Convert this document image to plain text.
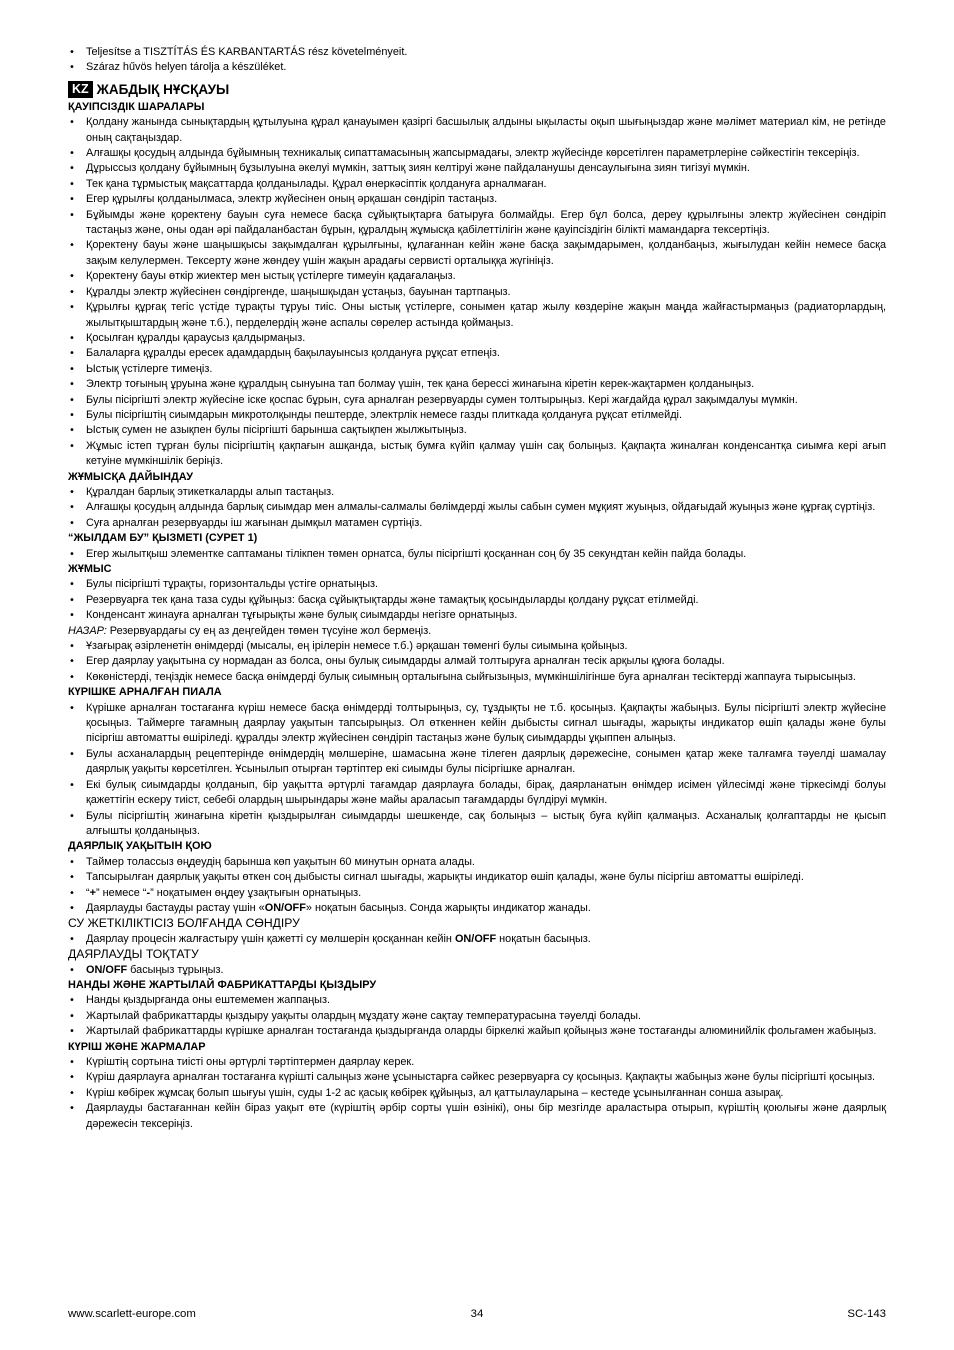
• Teljesítse a TISZTÍTÁS ÉS KARBANTARTÁS rész követelményeit.
• Száraz hűvös helyen tárolja a készüléket.
KZ ЖАБДЫҚ НҰСҚАУЫ
ҚАУІПСІЗДІК ШАРАЛАРЫ
• Қолдану жанында сынықтардың құтылуына құрал қанауымен қазіргі басшылық алдыны ықыласты оқып шығыңыздар және мәлімет материал кім, не ретінде оның сақтаңыздар.
• Алғашқы қосудың алдында бұйымның техникалық сипаттамасының жапсырмадағы, электр жүйесінде көрсетілген параметрлеріне сәйкестігін тексеріңіз.
• Дұрыссыз қолдану бұйымның бұзылуына әкелуі мүмкін, заттық зиян келтіруі және пайдаланушы денсаулығына зиян тигізуі мүмкін.
• Тек қана тұрмыстық мақсаттарда қолданылады. Құрал өнеркәсіптік қолдануға арналмаған.
• Егер құрылғы қолданылмаса, электр жүйесінен оның әрқашан сөндіріп тастаңыз.
• Бұйымды және қоректену бауын суға немесе басқа сұйықтықтарға батыруға болмайды. Егер бұл болса, дереу құрылғыны электр жүйесінен сөндіріп тастаңыз және, оны одан әрі пайдаланбастан бұрын, құралдың жұмысқа қабілеттілігін және қауіпсіздігін білікті мамандарға тексертіңіз.
• Қоректену бауы және шаңышқысы зақымдалған құрылғыны, құлағаннан кейін және басқа зақымдарымен, қолданбаңыз, жығылудан кейін немесе басқа зақым келулермен. Тексерту және жөндеу үшін жақын арадағы сервисті орталыққа жүгініңіз.
• Қоректену бауы өткір жиектер мен ыстық үстілерге тимеуін қадағалаңыз.
• Құралды электр жүйесінен сөндіргенде, шаңышқыдан ұстаңыз, бауынан тартпаңыз.
• Құрылғы құрғақ тегіс үстіде тұрақты тұруы тиіс. Оны ыстық үстілерге, сонымен қатар жылу көздеріне жақын маңда жайғастырмаңыз (радиаторлардың, жылытқыштардың және т.б.), перделердің және аспалы сөрелер астында қоймаңыз.
• Қосылған құралды қараусыз қалдырмаңыз.
• Балаларға құралды ересек адамдардың бақылауынсыз қолдануға рұқсат етпеңіз.
• Ыстық үстілерге тимеңіз.
• Электр тоғының ұруына және құралдың сынуына тап болмау үшін, тек қана берессі жинағына кіретін керек-жақтармен қолданыңыз.
• Булы пісіргішті электр жүйесіне іске қоспас бұрын, суға арналған резервуарды сумен толтырыңыз. Кері жағдайда құрал зақымдалуы мүмкін.
• Булы пісіргіштің сиымдарын микротолқынды пештерде, электрлік немесе газды плиткада қолдануға рұқсат етілмейді.
• Ыстық сумен не азықпен булы пісіргішті барынша сақтықпен жылжытыңыз.
• Жұмыс істеп тұрған булы пісіргіштің қақпағын ашқанда, ыстық бумға күйіп қалмау үшін сақ болыңыз. Қақпақта жиналған конденсантқа сиымға кері ағып кетуіне мүмкіншілік беріңіз.
ЖҰМЫСҚА ДАЙЫНДАУ
• Құралдан барлық этикеткаларды алып тастаңыз.
• Алғашқы қосудың алдында барлық сиымдар мен алмалы-салмалы бөлімдерді жылы сабын сумен мұқият жуыңыз, ойдағыдай жуыңыз және құрғақ сүртіңіз.
• Суға арналған резервуарды іш жағынан дымқыл матамен сүртіңіз.
“ЖЫЛДАМ БУ” ҚЫЗМЕТІ (СУРЕТ 1)
• Егер жылытқыш элементке саптаманы тілікпен төмен орнатса, булы пісіргішті қосқаннан соң бу 35 секундтан кейін пайда болады.
ЖҰМЫС
• Булы пісіргішті тұрақты, горизонтальды үстіге орнатыңыз.
• Резервуарға тек қана таза суды құйыңыз: басқа сұйықтықтарды және тамақтық қосындыларды қолдану рұқсат етілмейді.
• Конденсант жинауға арналған тұғырықты және булық сиымдарды негізге орнатыңыз.
НАЗАР: Резервуардағы су ең аз деңгейден төмен түсуіне жол бермеңіз.
• Ұзағырақ әзірленетін өнімдерді (мысалы, ең ірілерін немесе т.б.) әрқашан төменгі булы сиымына қойыңыз.
• Егер даярлау уақытына су нормадан аз болса, оны булық сиымдарды алмай толтыруға арналған тесік арқылы құюға болады.
• Көкөністерді, теңіздік немесе басқа өнімдерді булық сиымның орталығына сыйғызыңыз, мүмкіншілігінше буға арналған тесіктерді жаппауға тырысыңыз.
КҮРІШКЕ АРНАЛҒАН ПИАЛА
• Күрішке арналған тостағанға күріш немесе басқа өнімдерді толтырыңыз, су, тұздықты не т.б. қосыңыз. Қақпақты жабыңыз. Булы пісіргішті электр жүйесіне қосыңыз. Таймерге тағамның даярлау уақытын тапсырыңыз. Ол өткеннен кейін дыбысты сигнал шығады, жарықты индикатор өшіп қалады және булы пісіргіш автоматты өшіріледі. құралды электр жүйесінен сөндіріп тастаңыз және булық сиымдарды ұқыппен алыңыз.
• Булы асханалардың рецептеріндe өнімдердің мөлшеріне, шамасына және тілеген даярлық дәрежесіне, сонымен қатар жеке талғамға тәуелді шамалау даярлық уақыты көрсетілген. Ұсынылып отырған тәртіптер екі сиымды булы пісіргішке арналған.
• Екі булық сиымдарды қолданып, бір уақытта әртүрлі тағамдар даярлауға болады, бірақ, даярланатын өнімдер исімен үйлесімді және тіркесімді болуы қажеттігін ескеру тиіст, себебі олардың шырындары және майы араласып тағамдарды бүлдіруі мүмкін.
• Булы пісіргіштің жинағына кіретін қыздырылған сиымдарды шешкенде, сақ болыңыз – ыстық буға күйіп қалмаңыз. Асханалық қолғаптарды не қысып алғышты қолданыңыз.
ДАЯРЛЫҚ УАҚЫТЫН ҚОЮ
• Таймер толассыз өңдеудің барынша көп уақытын 60 минутын орната алады.
• Тапсырылған даярлық уақыты өткен соң дыбысты сигнал шығады, жарықты индикатор өшіп қалады, және булы пісіргіш автоматты өшіріледі.
• “+” немесе “-” ноқатымен өңдеу ұзақтығын орнатыңыз.
• Даярлауды бастауды растау үшін «ON/OFF» ноқатын басыңыз. Сонда жарықты индикатор жанады.
СУ ЖЕТКІЛІКТІСІЗ БОЛҒАНДА СӨНДІРУ
• Даярлау процесін жалғастыру үшін қажетті су мөлшерін қосқаннан кейін ON/OFF ноқатын басыңыз.
ДАЯРЛАУДЫ ТОҚТАТУ
• ON/OFF басыңыз тұрыңыз.
НАНДЫ ЖӘНЕ ЖАРТЫЛАЙ ФАБРИКАТТАРДЫ ҚЫЗДЫРУ
• Нанды қыздырғанда оны ештемемен жаппаңыз.
• Жартылай фабрикаттарды қыздыру уақыты олардың мұздату және сақтау температурасына тәуелді болады.
• Жартылай фабрикаттарды күрішке арналған тостағанда қыздырғанда оларды біркелкі жайып қойыңыз және тостағанды алюминийлік фольгамен жабыңыз.
КҮРІШ ЖӘНЕ ЖАРМАЛАР
• Күріштің сортына тиісті оны әртүрлі тәртіптермен даярлау керек.
• Күріш даярлауға арналған тостағанға күрішті салыңыз және ұсыныстарға сәйкес резервуарға су қосыңыз. Қақпақты жабыңыз және булы пісіргішті қосыңыз.
• Күріш көбірек жұмсақ болып шығуы үшін, суды 1-2 ас қасық көбірек құйыңыз, ал қаттылауларына – кестеде ұсынылғаннан сонша азырақ.
• Даярлауды бастағаннан кейін біраз уақыт өте (күріштің әрбір сорты үшін өзінікі), оны бір мезгілде араластыра отырып, күріштің қоюлығы және даярлық дәрежесін тексеріңіз.
www.scarlett-europe.com	34	SC-143
